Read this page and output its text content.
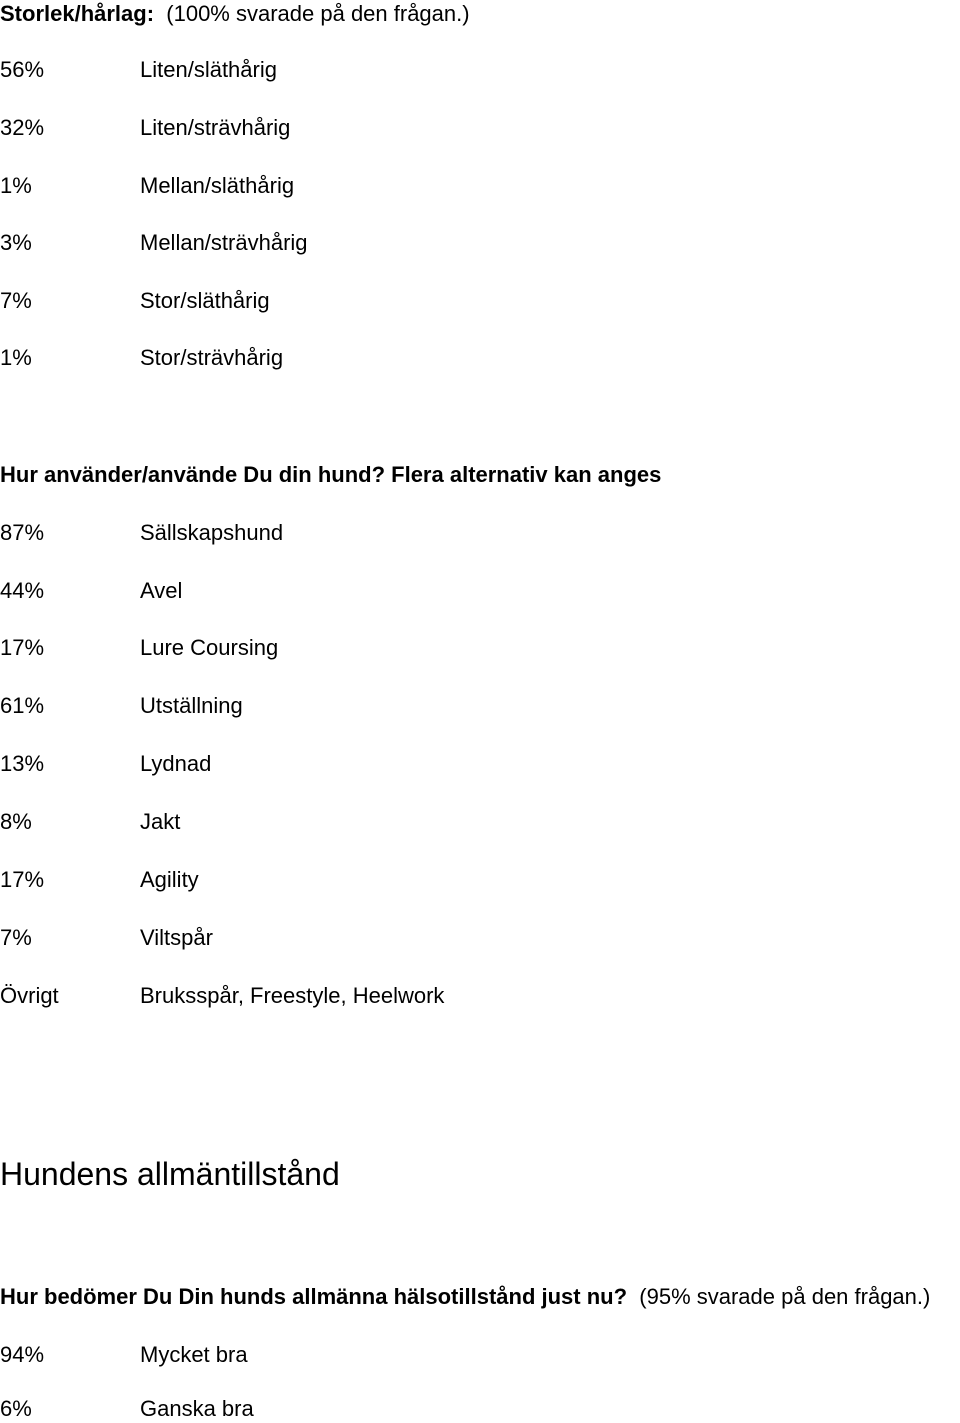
Storlek/hårlag:  (100% svarade på den frågan.)
56%	Liten/släthårig
32%	Liten/strävhårig
1%	Mellan/släthårig
3%	Mellan/strävhårig
7%	Stor/släthårig
1%	Stor/strävhårig
Hur använder/använde Du din hund? Flera alternativ kan anges
87%	Sällskapshund
44%	Avel
17%	Lure Coursing
61%	Utställning
13%	Lydnad
8%	Jakt
17%	Agility
7%	Viltspår
Övrigt	Bruksspår, Freestyle, Heelwork
Hundens allmäntillstånd
Hur bedömer Du Din hunds allmänna hälsotillstånd just nu?  (95% svarade på den frågan.)
94%	Mycket bra
6%	Ganska bra
